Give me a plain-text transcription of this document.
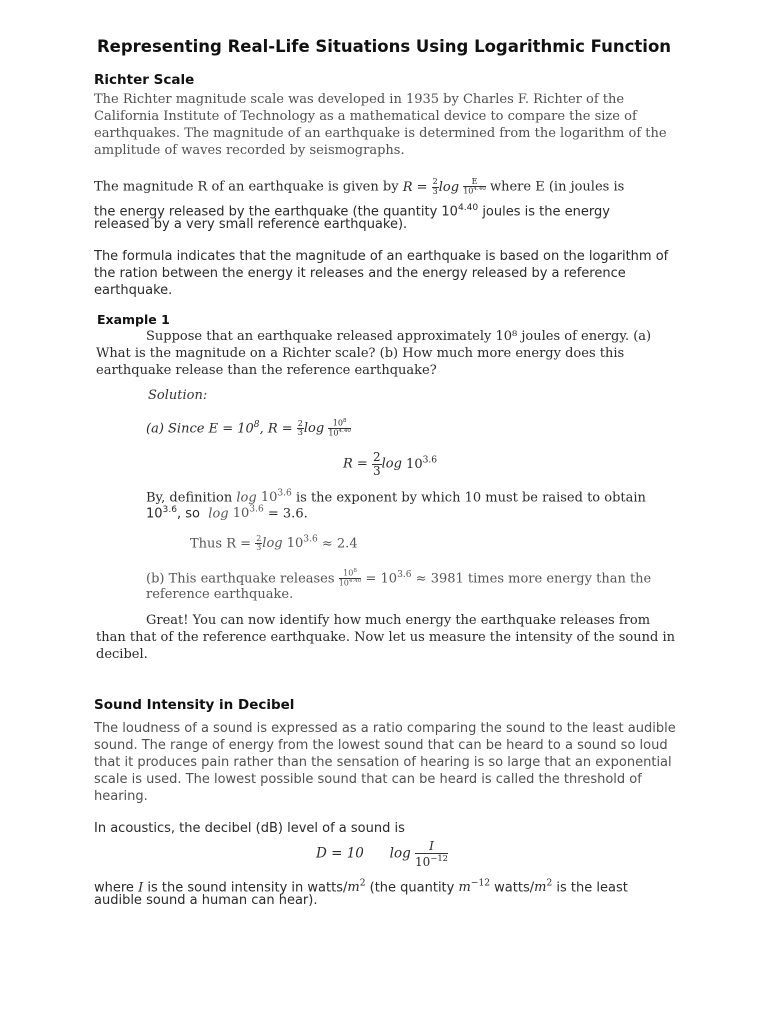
Representing Real-Life Situations Using Logarithmic Function
Richter Scale
The Richter magnitude scale was developed in 1935 by Charles F. Richter of the California Institute of Technology as a mathematical device to compare the size of earthquakes. The magnitude of an earthquake is determined from the logarithm of the amplitude of waves recorded by seismographs.
The magnitude R of an earthquake is given by $R = \frac{2}{3}$ $\log \frac{E}{10^{4.40}}$ where E (in joules is
the energy released by the earthquake (the quantity $10^{4.40}$ joules is the energy
released by a very small reference earthquake).
The formula indicates that the magnitude of an earthquake is based on the logarithm of the ration between the energy it releases and the energy released by a reference earthquake.
Example 1
Suppose that an earthquake released approximately 10⁸ joules of energy. (a)
What is the magnitude on a Richter scale? (b) How much more energy does this earthquake release than the reference earthquake?
Solution:
(a) Since $E = 10^8$, $R = \frac{2}{3}$ $\log \frac{10^8}{10^{4.40}}$
$R = \frac{2}{3}$ $\log 10^{3.6}$
By, definition $\log 10^{3.6}$ is the exponent by which 10 must be raised to obtain
$10^{3.6}$, so $\log 10^{3.6} = 3.6$.
Thus $R = \frac{2}{3}$ $\log 10^{3.6} \approx 2.4$
(b) This earthquake releases $\frac{10^8}{10^{4.40}} = 10^{3.6} \approx 3981$ times more energy than the
reference earthquake.
Great! You can now identify how much energy the earthquake releases from
than that of the reference earthquake. Now let us measure the intensity of the sound in decibel.
Sound Intensity in Decibel
The loudness of a sound is expressed as a ratio comparing the sound to the least audible sound. The range of energy from the lowest sound that can be heard to a sound so loud that it produces pain rather than the sensation of hearing is so large that an exponential scale is used. The lowest possible sound that can be heard is called the threshold of hearing.
In acoustics, the decibel (dB) level of a sound is
D = 10      $\log \frac{I}{10^{-12}}$
where I is the sound intensity in watts/$m^2$ (the quantity $m^{-12}$ watts/$m^2$ is the least
audible sound a human can hear).
